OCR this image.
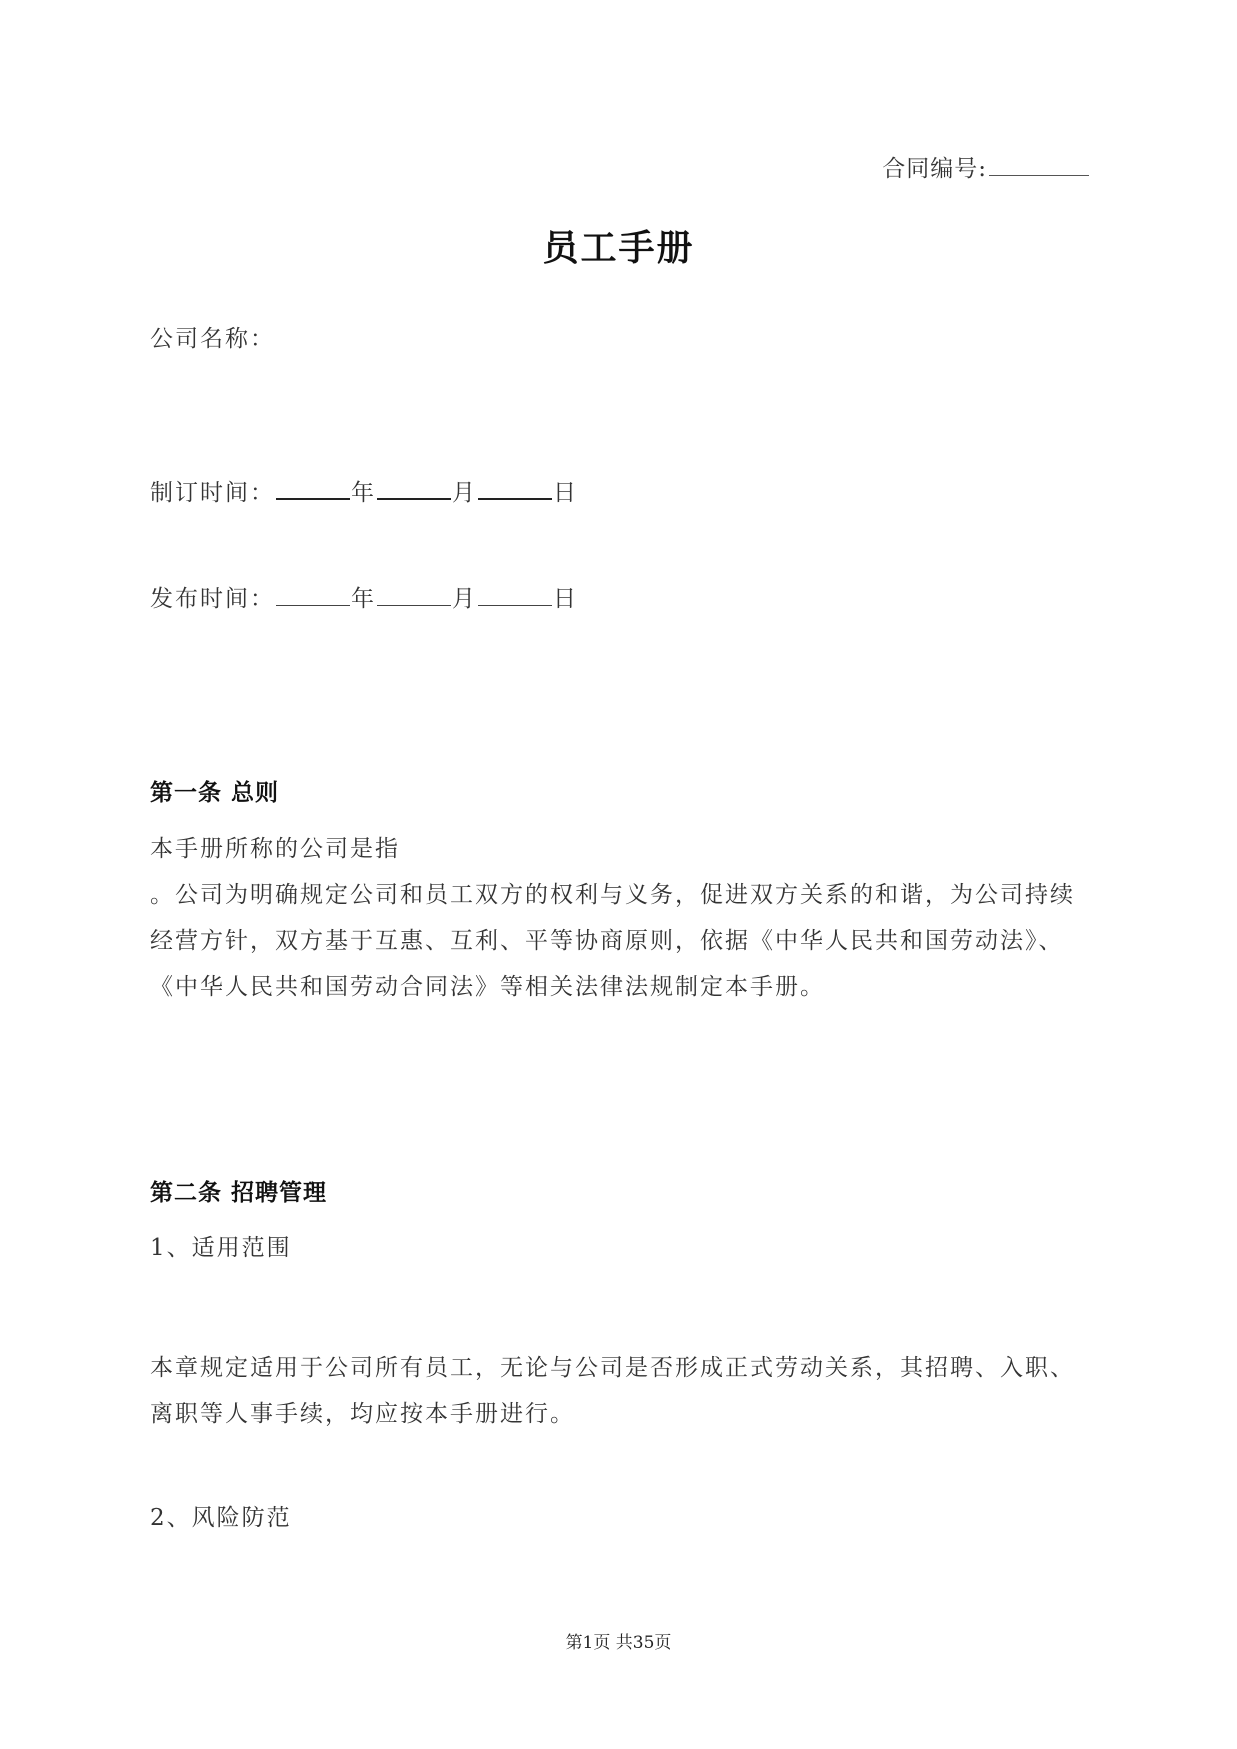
合同编号:
员工手册
公司名称：
制订时间：	年	月	日
发布时间：	年	月	日
第一条 总则
本手册所称的公司是指
。公司为明确规定公司和员工双方的权利与义务，促进双方关系的和谐，为公司持续
经营方针，双方基于互惠、互利、平等协商原则，依据《中华人民共和国劳动法》、
《中华人民共和国劳动合同法》等相关法律法规制定本手册。
第二条 招聘管理
1、适用范围
本章规定适用于公司所有员工，无论与公司是否形成正式劳动关系，其招聘、入职、
离职等人事手续，均应按本手册进行。
2、风险防范
第1页 共35页
